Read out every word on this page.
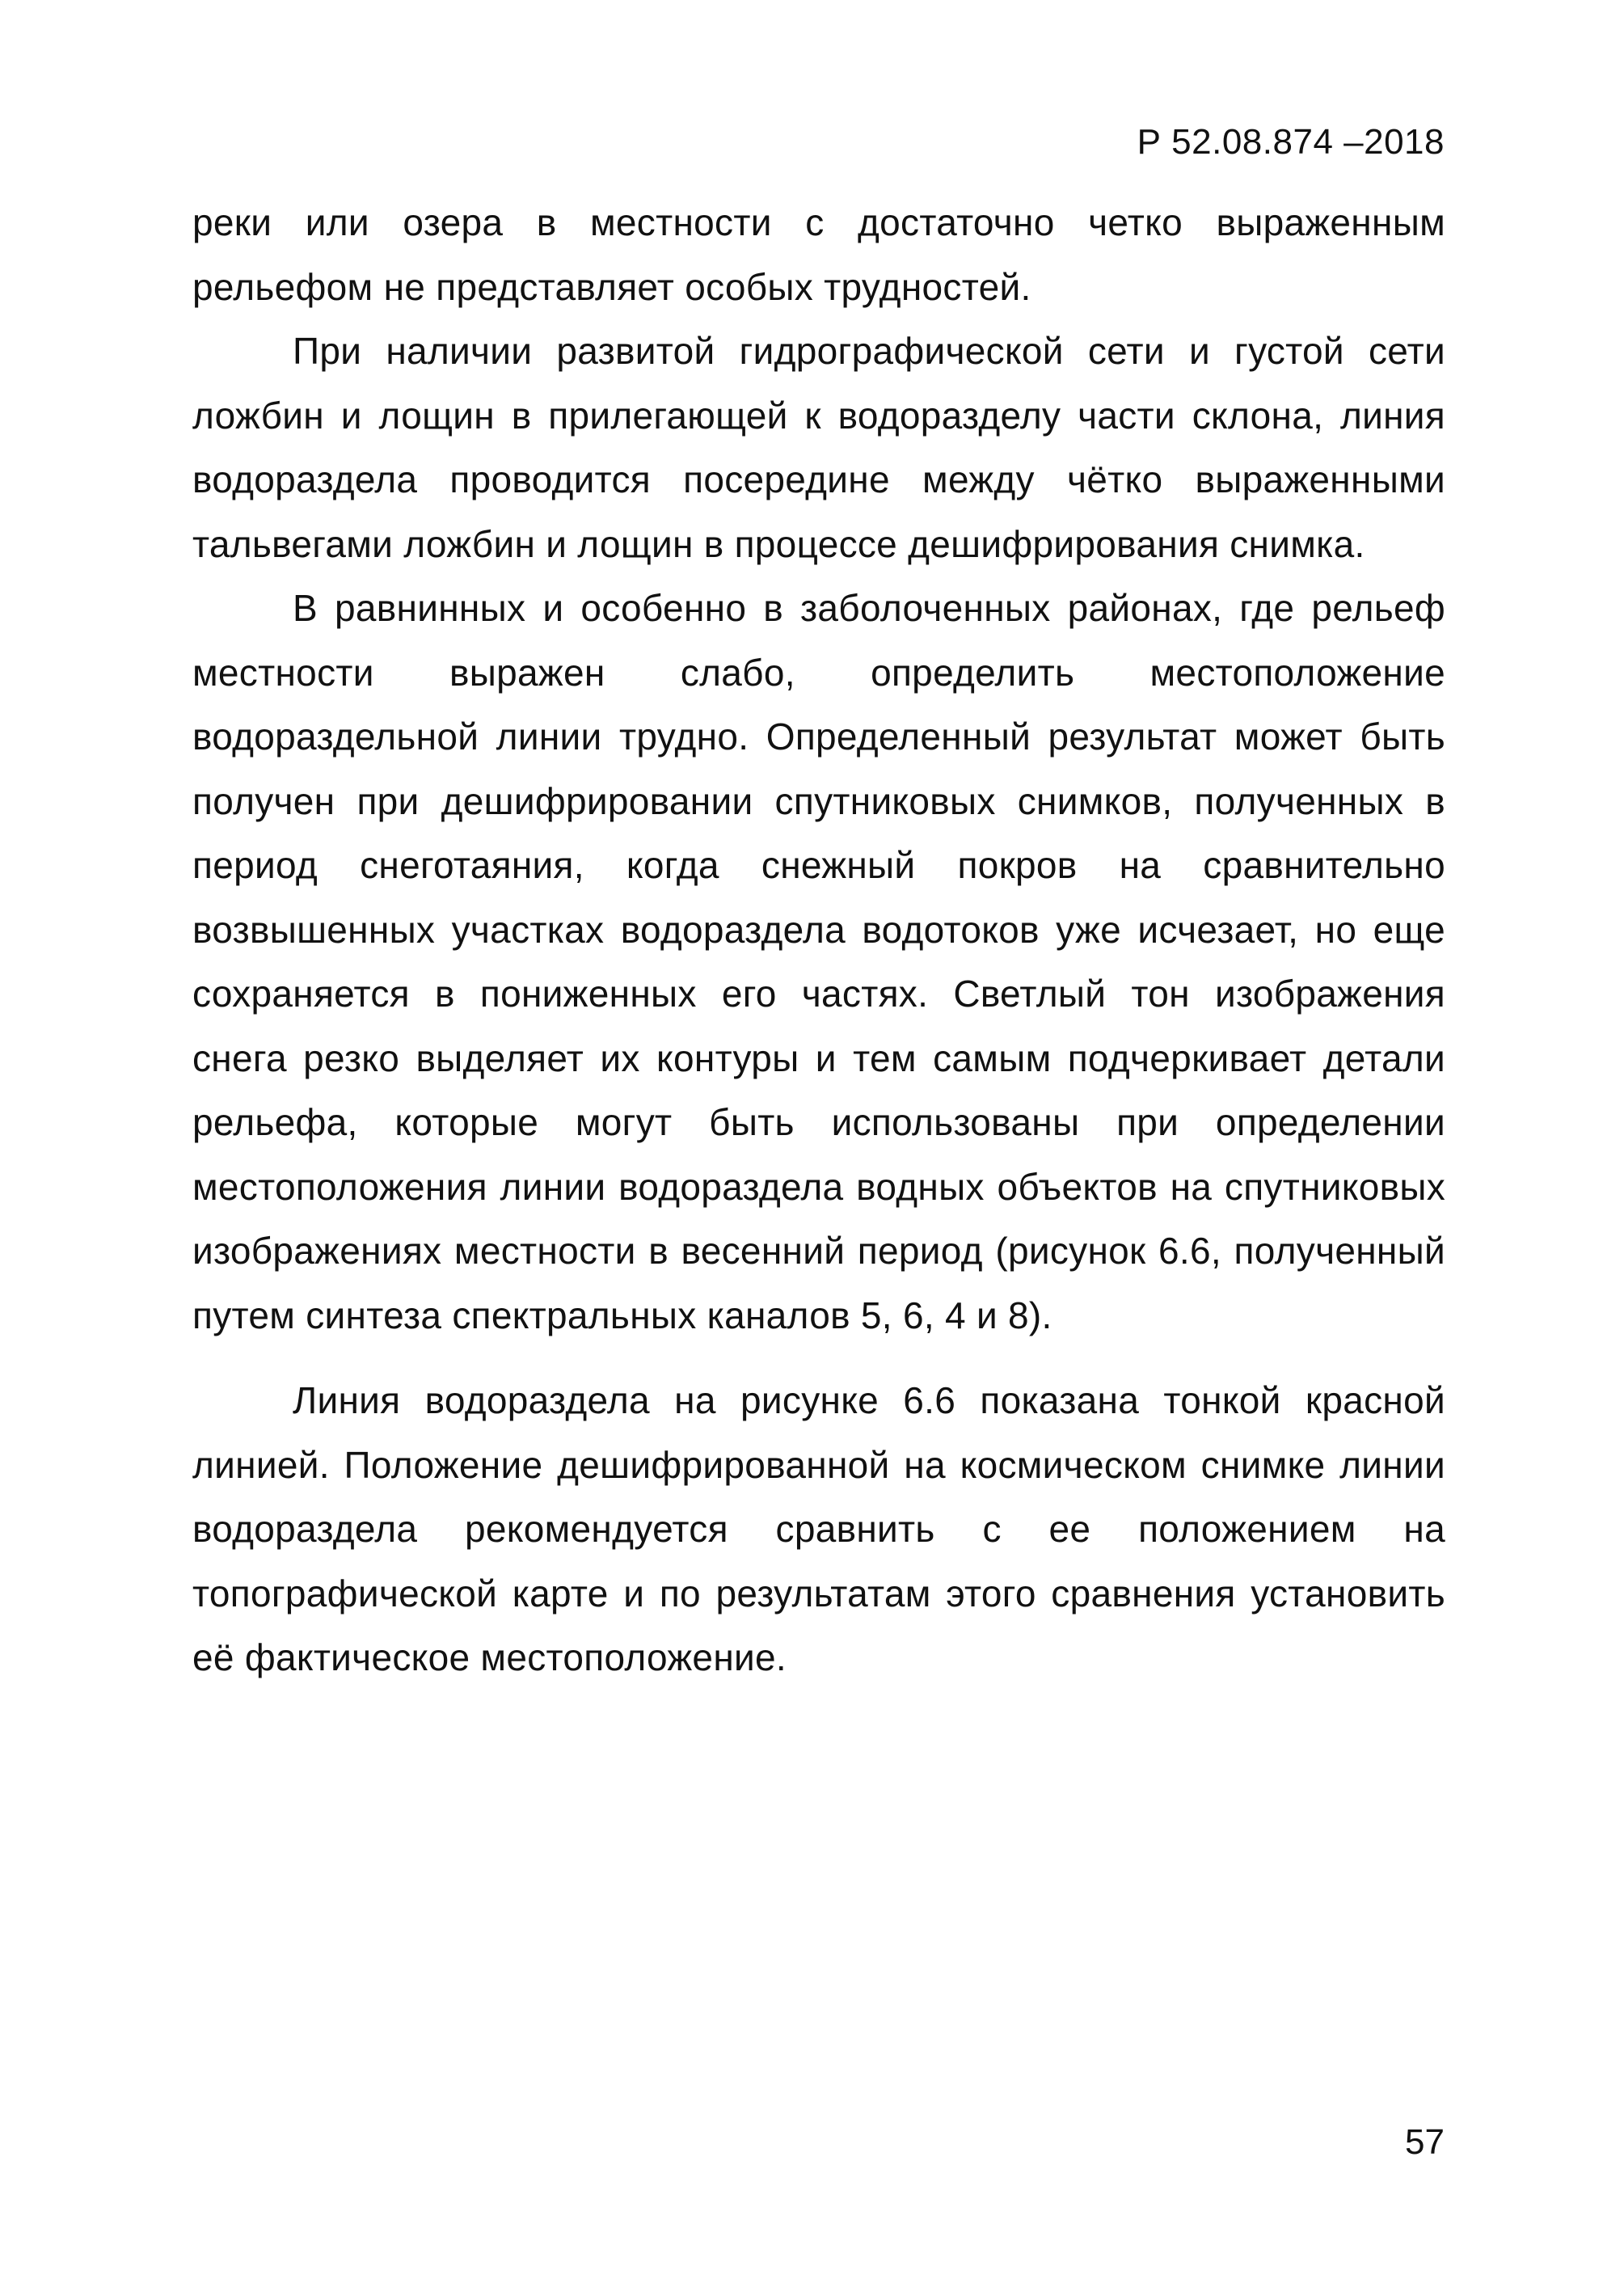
Р 52.08.874 –2018

реки или озера в местности с достаточно четко выраженным рельефом не представляет особых трудностей.

При наличии развитой гидрографической сети и густой сети ложбин и лощин в прилегающей к водоразделу части склона, линия водораздела проводится посередине между чётко выраженными тальвегами ложбин и лощин в процессе дешифрирования снимка.

В равнинных и особенно в заболоченных районах, где рельеф местности выражен слабо, определить местоположение водораздельной линии трудно. Определенный результат может быть получен при дешифрировании спутниковых снимков, полученных в период снеготаяния, когда снежный покров на сравнительно возвышенных участках водораздела водотоков уже исчезает, но еще сохраняется в пониженных его частях. Светлый тон изображения снега резко выделяет их контуры и тем самым подчеркивает детали рельефа, которые могут быть использованы при определении местоположения линии водораздела водных объектов на спутниковых изображениях местности в весенний период (рисунок 6.6, полученный путем синтеза спектральных каналов 5, 6, 4 и 8).

Линия водораздела на рисунке 6.6 показана тонкой красной линией. Положение дешифрированной на космическом снимке линии водораздела рекомендуется сравнить с ее положением на топографической карте и по результатам этого сравнения установить её фактическое местоположение.

57
